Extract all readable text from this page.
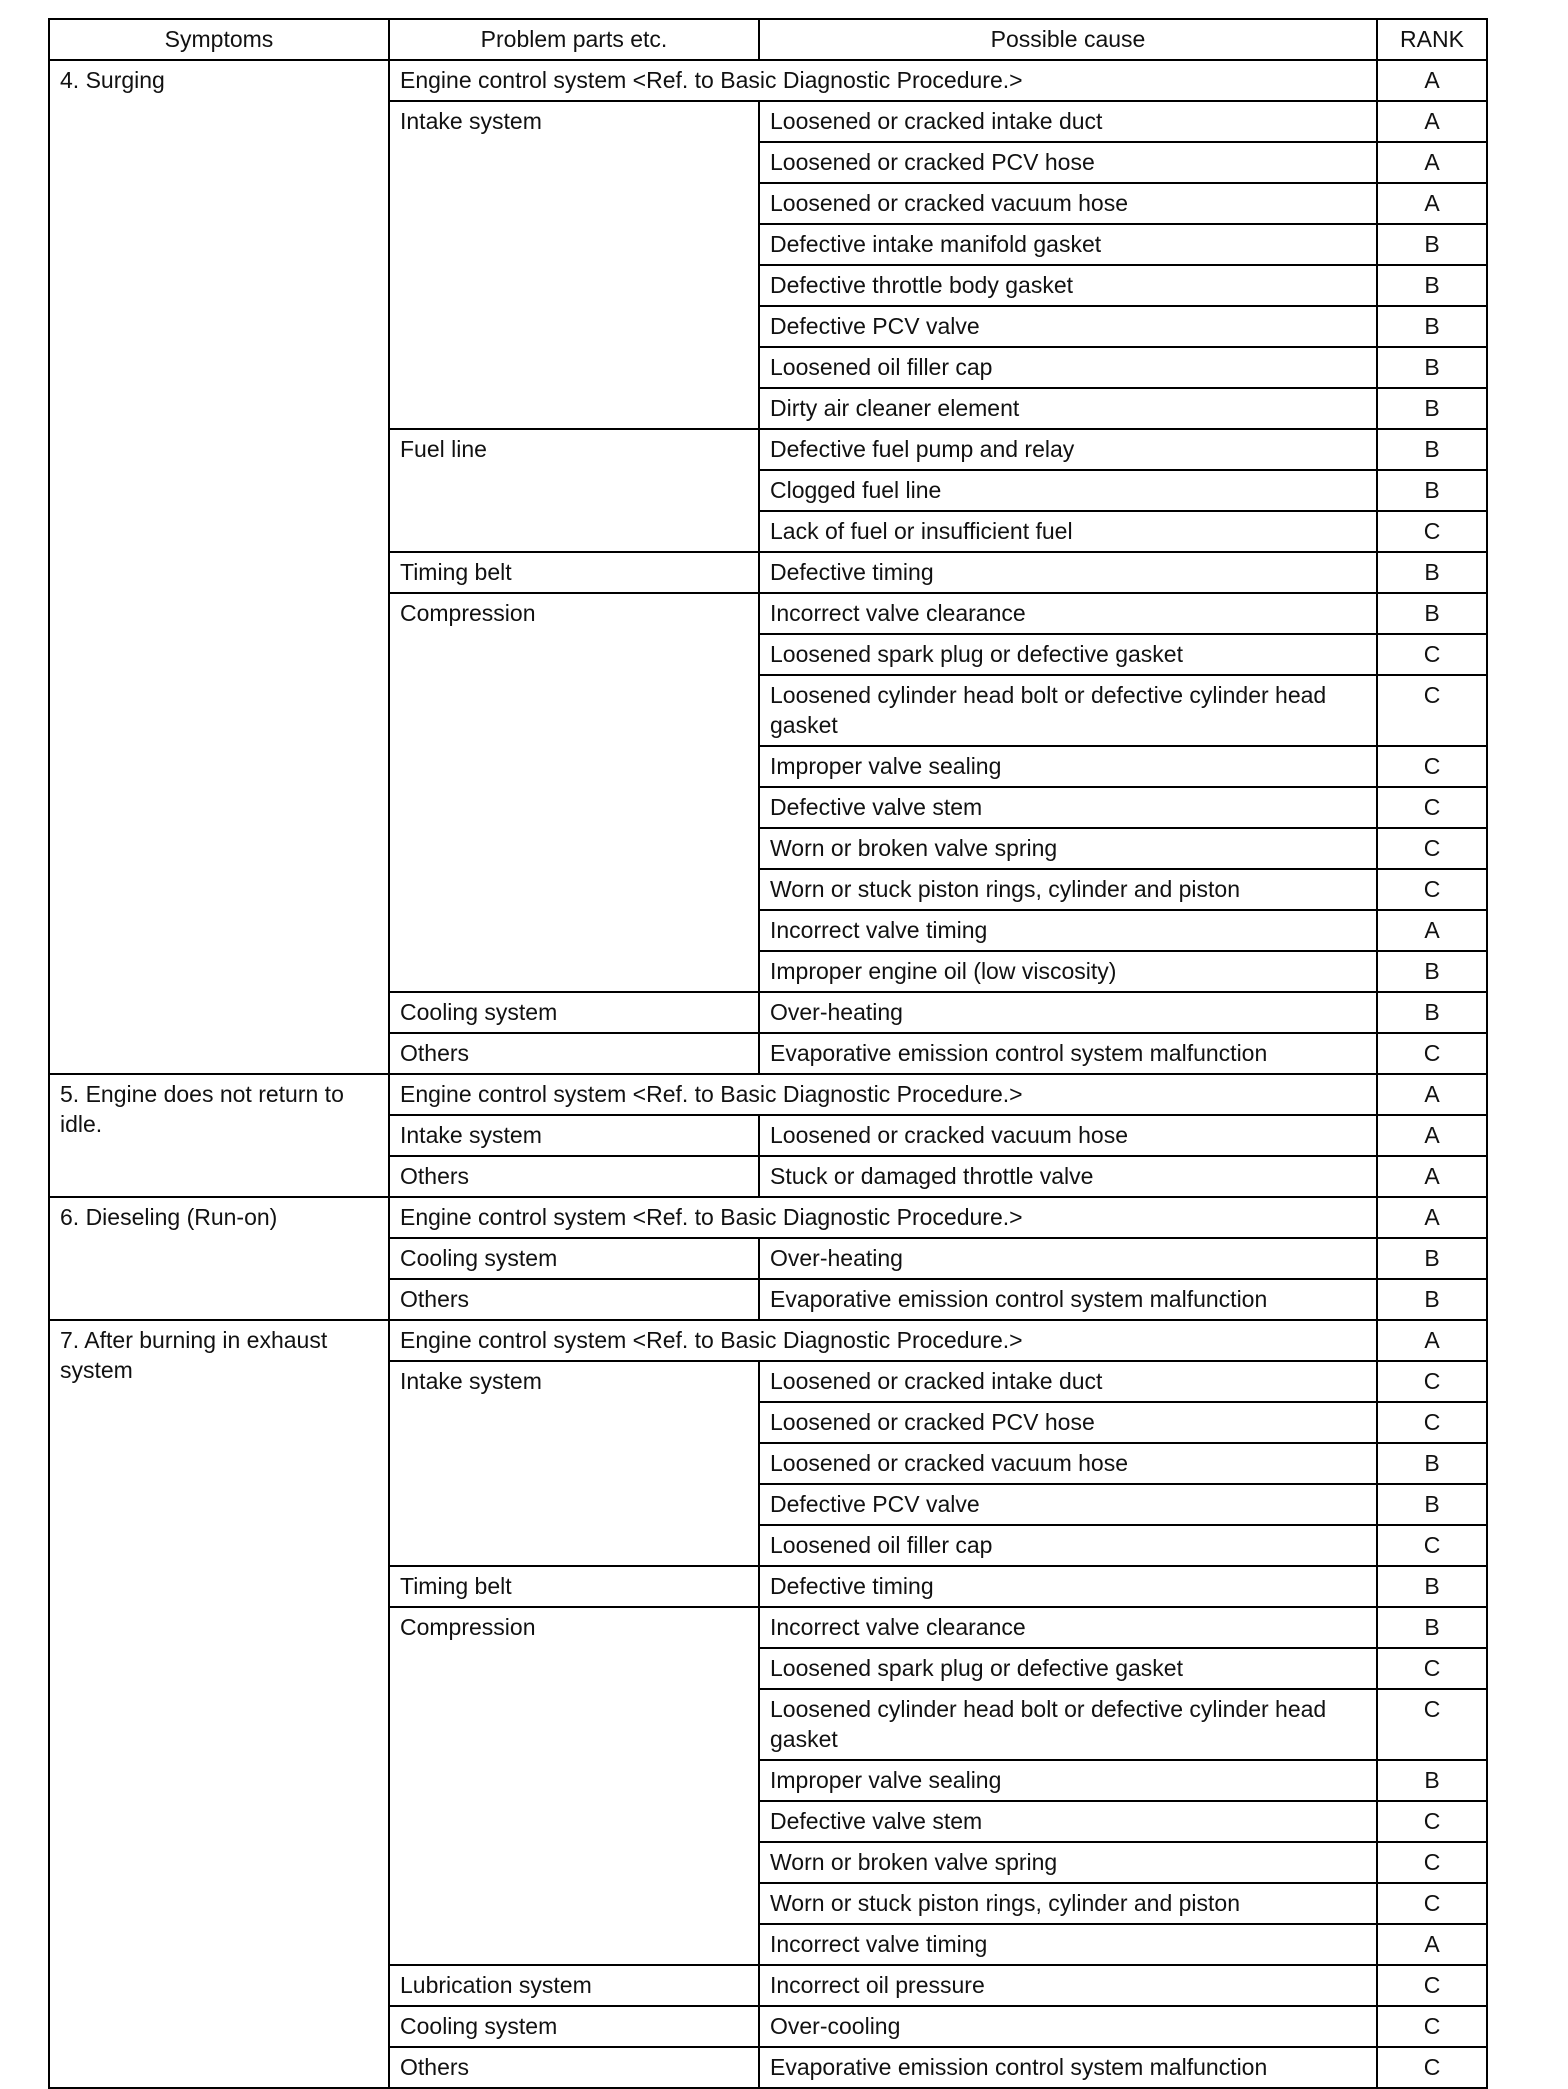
Symptoms	Problem parts etc.	Possible cause	RANK
4. Surging	Engine control system <Ref. to Basic Diagnostic Procedure.>		A
	Intake system	Loosened or cracked intake duct	A
		Loosened or cracked PCV hose	A
		Loosened or cracked vacuum hose	A
		Defective intake manifold gasket	B
		Defective throttle body gasket	B
		Defective PCV valve	B
		Loosened oil filler cap	B
		Dirty air cleaner element	B
	Fuel line	Defective fuel pump and relay	B
		Clogged fuel line	B
		Lack of fuel or insufficient fuel	C
	Timing belt	Defective timing	B
	Compression	Incorrect valve clearance	B
		Loosened spark plug or defective gasket	C
		Loosened cylinder head bolt or defective cylinder head gasket	C
		Improper valve sealing	C
		Defective valve stem	C
		Worn or broken valve spring	C
		Worn or stuck piston rings, cylinder and piston	C
		Incorrect valve timing	A
		Improper engine oil (low viscosity)	B
	Cooling system	Over-heating	B
	Others	Evaporative emission control system malfunction	C
5. Engine does not return to idle.	Engine control system <Ref. to Basic Diagnostic Procedure.>		A
	Intake system	Loosened or cracked vacuum hose	A
	Others	Stuck or damaged throttle valve	A
6. Dieseling (Run-on)	Engine control system <Ref. to Basic Diagnostic Procedure.>		A
	Cooling system	Over-heating	B
	Others	Evaporative emission control system malfunction	B
7. After burning in exhaust system	Engine control system <Ref. to Basic Diagnostic Procedure.>		A
	Intake system	Loosened or cracked intake duct	C
		Loosened or cracked PCV hose	C
		Loosened or cracked vacuum hose	B
		Defective PCV valve	B
		Loosened oil filler cap	C
	Timing belt	Defective timing	B
	Compression	Incorrect valve clearance	B
		Loosened spark plug or defective gasket	C
		Loosened cylinder head bolt or defective cylinder head gasket	C
		Improper valve sealing	B
		Defective valve stem	C
		Worn or broken valve spring	C
		Worn or stuck piston rings, cylinder and piston	C
		Incorrect valve timing	A
	Lubrication system	Incorrect oil pressure	C
	Cooling system	Over-cooling	C
	Others	Evaporative emission control system malfunction	C
